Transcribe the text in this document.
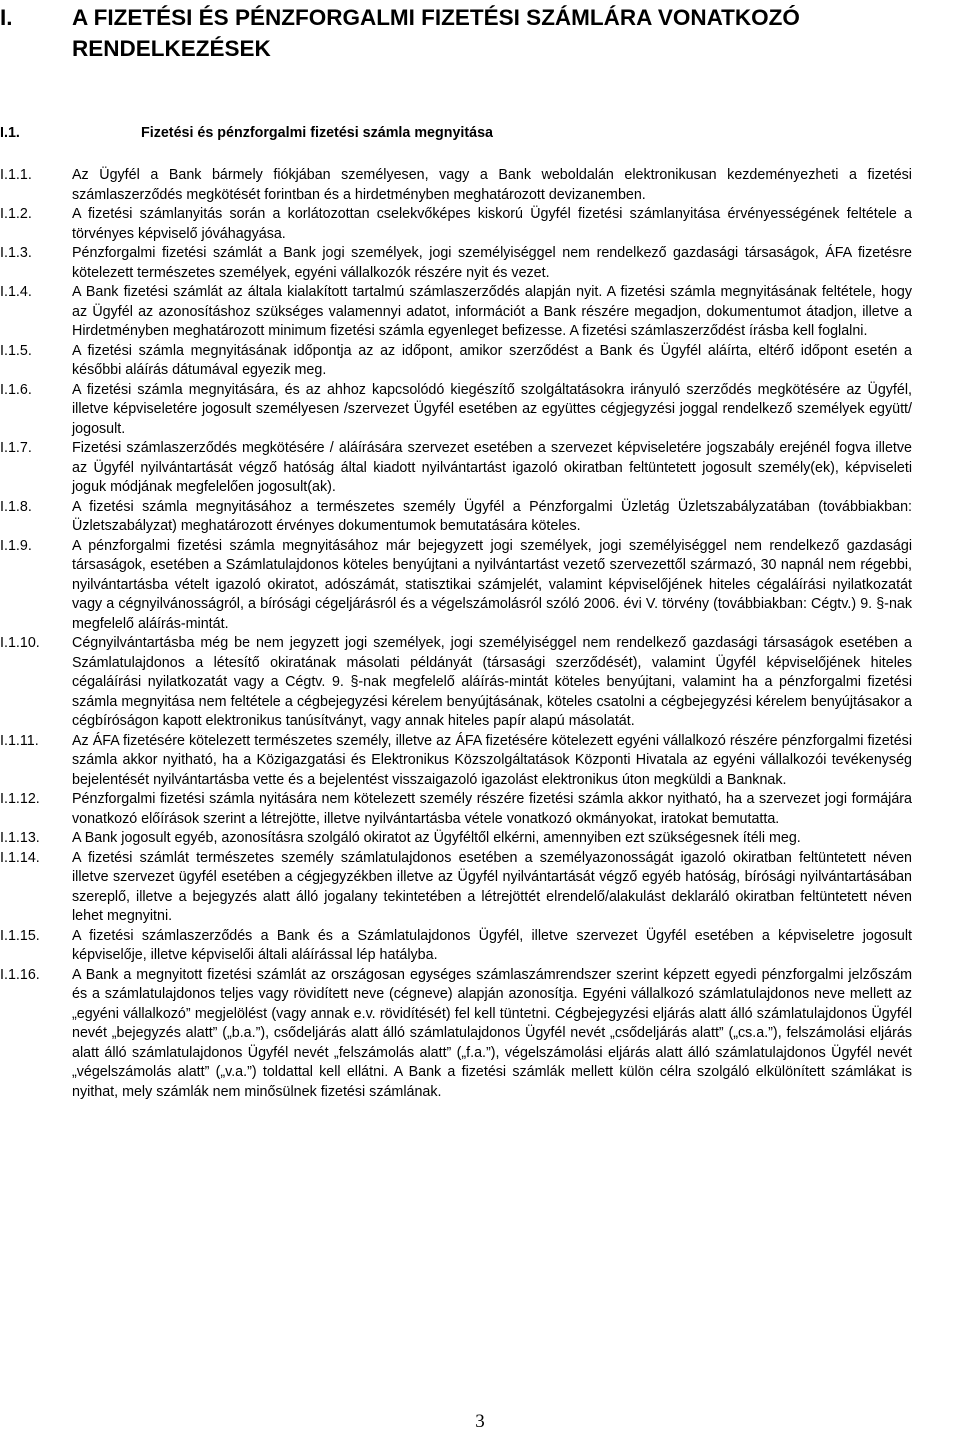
I.	A FIZETÉSI ÉS PÉNZFORGALMI FIZETÉSI SZÁMLÁRA VONATKOZÓ RENDELKEZÉSEK
I.1.	Fizetési és pénzforgalmi fizetési számla megnyitása
I.1.1.	Az Ügyfél a Bank bármely fiókjában személyesen, vagy a Bank weboldalán elektronikusan kezdeményezheti a fizetési számlaszerződés megkötését forintban és a hirdetményben meghatározott devizanemben.
I.1.2.	A fizetési számlanyitás során a korlátozottan cselekvőképes kiskorú Ügyfél fizetési számlanyitása érvényességének feltétele a törvényes képviselő jóváhagyása.
I.1.3.	Pénzforgalmi fizetési számlát a Bank jogi személyek, jogi személyiséggel nem rendelkező gazdasági társaságok, ÁFA fizetésre kötelezett természetes személyek, egyéni vállalkozók részére nyit és vezet.
I.1.4.	A Bank fizetési számlát az általa kialakított tartalmú számlaszerződés alapján nyit. A fizetési számla megnyitásának feltétele, hogy az Ügyfél az azonosításhoz szükséges valamennyi adatot, információt a Bank részére megadjon, dokumentumot átadjon, illetve a Hirdetményben meghatározott minimum fizetési számla egyenleget befizesse. A fizetési számlaszerződést írásba kell foglalni.
I.1.5.	A fizetési számla megnyitásának időpontja az az időpont, amikor szerződést a Bank és Ügyfél aláírta, eltérő időpont esetén a későbbi aláírás dátumával egyezik meg.
I.1.6.	A fizetési számla megnyitására, és az ahhoz kapcsolódó kiegészítő szolgáltatásokra irányuló szerződés megkötésére az Ügyfél, illetve képviseletére jogosult személyesen /szervezet Ügyfél esetében az együttes cégjegyzési joggal rendelkező személyek együtt/ jogosult.
I.1.7.	Fizetési számlaszerződés megkötésére / aláírására szervezet esetében a szervezet képviseletére jogszabály erejénél fogva illetve az Ügyfél nyilvántartását végző hatóság által kiadott nyilvántartást igazoló okiratban feltüntetett jogosult személy(ek), képviseleti joguk módjának megfelelően jogosult(ak).
I.1.8.	A fizetési számla megnyitásához a természetes személy Ügyfél a Pénzforgalmi Üzletág Üzletszabályzatában (továbbiakban: Üzletszabályzat) meghatározott érvényes dokumentumok bemutatására köteles.
I.1.9.	A pénzforgalmi fizetési számla megnyitásához már bejegyzett jogi személyek, jogi személyiséggel nem rendelkező gazdasági társaságok, esetében a Számlatulajdonos köteles benyújtani a nyilvántartást vezető szervezettől származó, 30 napnál nem régebbi, nyilvántartásba vételt igazoló okiratot, adószámát, statisztikai számjelét, valamint képviselőjének hiteles cégaláírási nyilatkozatát vagy a cégnyilvánosságról, a bírósági cégeljárásról és a végelszámolásról szóló 2006. évi V. törvény (továbbiakban: Cégtv.) 9. §-nak megfelelő aláírás-mintát.
I.1.10.	Cégnyilvántartásba még be nem jegyzett jogi személyek, jogi személyiséggel nem rendelkező gazdasági társaságok esetében a Számlatulajdonos a létesítő okiratának másolati példányát (társasági szerződését), valamint Ügyfél képviselőjének hiteles cégaláírási nyilatkozatát vagy a Cégtv. 9. §-nak megfelelő aláírás-mintát köteles benyújtani, valamint ha a pénzforgalmi fizetési számla megnyitása nem feltétele a cégbejegyzési kérelem benyújtásának, köteles csatolni a cégbejegyzési kérelem benyújtásakor a cégbíróságon kapott elektronikus tanúsítványt, vagy annak hiteles papír alapú másolatát.
I.1.11.	Az ÁFA fizetésére kötelezett természetes személy, illetve az ÁFA fizetésére kötelezett egyéni vállalkozó részére pénzforgalmi fizetési számla akkor nyitható, ha a Közigazgatási és Elektronikus Közszolgáltatások Központi Hivatala az egyéni vállalkozói tevékenység bejelentését nyilvántartásba vette és a bejelentést visszaigazoló igazolást elektronikus úton megküldi a Banknak.
I.1.12.	Pénzforgalmi fizetési számla nyitására nem kötelezett személy részére fizetési számla akkor nyitható, ha a szervezet jogi formájára vonatkozó előírások szerint a létrejötte, illetve nyilvántartásba vétele vonatkozó okmányokat, iratokat bemutatta.
I.1.13.	A Bank jogosult egyéb, azonosításra szolgáló okiratot az Ügyféltől elkérni, amennyiben ezt szükségesnek ítéli meg.
I.1.14.	A fizetési számlát természetes személy számlatulajdonos esetében a személyazonosságát igazoló okiratban feltüntetett néven illetve szervezet ügyfél esetében a cégjegyzékben illetve az Ügyfél nyilvántartását végző egyéb hatóság, bírósági nyilvántartásában szereplő, illetve a bejegyzés alatt álló jogalany tekintetében a létrejöttét elrendelő/alakulást deklaráló okiratban feltüntetett néven lehet megnyitni.
I.1.15.	A fizetési számlaszerződés a Bank és a Számlatulajdonos Ügyfél, illetve szervezet Ügyfél esetében a képviseletre jogosult képviselője, illetve képviselői általi aláírással lép hatályba.
I.1.16.	A Bank a megnyitott fizetési számlát az országosan egységes számlaszámrendszer szerint képzett egyedi pénzforgalmi jelzőszám és a számlatulajdonos teljes vagy rövidített neve (cégneve) alapján azonosítja. Egyéni vállalkozó számlatulajdonos neve mellett az „egyéni vállalkozó” megjelölést (vagy annak e.v. rövidítését) fel kell tüntetni. Cégbejegyzési eljárás alatt álló számlatulajdonos Ügyfél nevét „bejegyzés alatt” („b.a.”), csődeljárás alatt álló számlatulajdonos Ügyfél nevét „csődeljárás alatt” („cs.a.”), felszámolási eljárás alatt álló számlatulajdonos Ügyfél nevét „felszámolás alatt” („f.a.”), végelszámolási eljárás alatt álló számlatulajdonos Ügyfél nevét „végelszámolás alatt” („v.a.”) toldattal kell ellátni. A Bank a fizetési számlák mellett külön célra szolgáló elkülönített számlákat is nyithat, mely számlák nem minősülnek fizetési számlának.
3
